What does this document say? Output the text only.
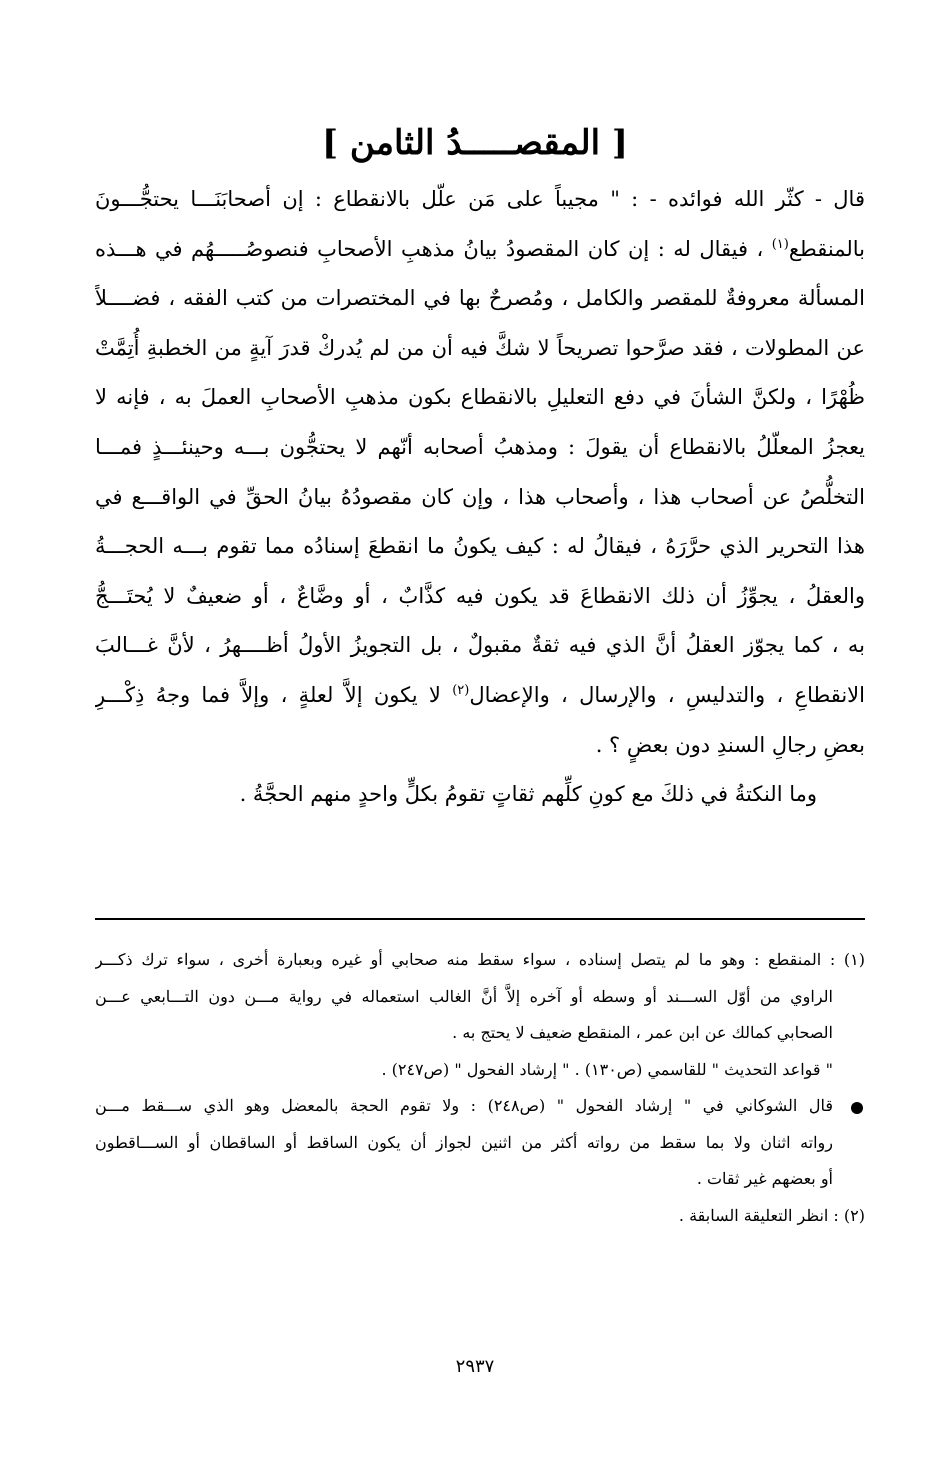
[ المقصـــــدُ الثامن ]
قال - كثّر الله فوائده - : " مجيباً على مَن علّل بالانقطاع : إن أصحابَنَـــا يحتجُّـــونَ
بالمنقطع$^{(١)}$ ، فيقال له : إن كان المقصودُ بيانُ مذهبِ الأصحابِ فنصوصُـــــهُم في هـــذه
المسألة معروفةٌ للمقصر والكامل ، ومُصرحٌ بها في المختصرات من كتب الفقه ، فضــــلاً
عن المطولات ، فقد صرَّحوا تصريحاً لا شكَّ فيه أن من لم يُدركْ قدرَ آيةٍ من الخطبةِ أُتِمَّتْ
ظُهْرًا ، ولكنَّ الشأنَ في دفع التعليلِ بالانقطاع بكون مذهبِ الأصحابِ العملَ به ، فإنه لا
يعجزُ المعلّلُ بالانقطاع أن يقولَ : ومذهبُ أصحابه أنّهم لا يحتجُّون بـــه وحينئـــذٍ فمـــا
التخلُّصُ عن أصحاب هذا ، وأصحاب هذا ، وإن كان مقصودُهُ بيانُ الحقِّ في الواقـــع في
هذا التحرير الذي حرَّرَهُ ، فيقالُ له : كيف يكونُ ما انقطعَ إسنادُه مما تقوم بـــه الحجـــةُ
والعقلُ ، يجوِّزُ أن ذلك الانقطاعَ قد يكون فيه كذَّابٌ ، أو وضَّاعٌ ، أو ضعيفٌ لا يُحتَـــجُّ
به ، كما يجوّز العقلُ أنَّ الذي فيه ثقةٌ مقبولٌ ، بل التجويزُ الأولُ أظــــهرُ ، لأنَّ غـــالبَ
الانقطاعِ ، والتدليسِ ، والإرسال ، والإعضال$^{(٢)}$ لا يكون إلاَّ لعلةٍ ، وإلاَّ فما وجهُ ذِكْـــرِ
بعضِ رجالِ السندِ دون بعضٍ ؟ .
وما النكتةُ في ذلكَ مع كونِ كلِّهم ثقاتٍ تقومُ بكلٍّ واحدٍ منهم الحجَّةُ .
(١) : المنقطع : وهو ما لم يتصل إسناده ، سواء سقط منه صحابي أو غيره وبعبارة أخرى ، سواء ترك ذكـــر
الراوي من أوّل الســـند أو وسطه أو آخره إلاَّ أنَّ الغالب استعماله في رواية مـــن دون التـــابعي عـــن
الصحابي كمالك عن ابن عمر ، المنقطع ضعيف لا يحتج به .
" قواعد التحديث " للقاسمي (ص١٣٠) . " إرشاد الفحول " (ص٢٤٧) .
قال الشوكاني في " إرشاد الفحول " (ص٢٤٨) : ولا تقوم الحجة بالمعضل وهو الذي ســـقط مـــن
رواته اثنان ولا بما سقط من رواته أكثر من اثنين لجواز أن يكون الساقط أو الساقطان أو الســـاقطون
أو بعضهم غير ثقات .
(٢) : انظر التعليقة السابقة .
٢٩٣٧
